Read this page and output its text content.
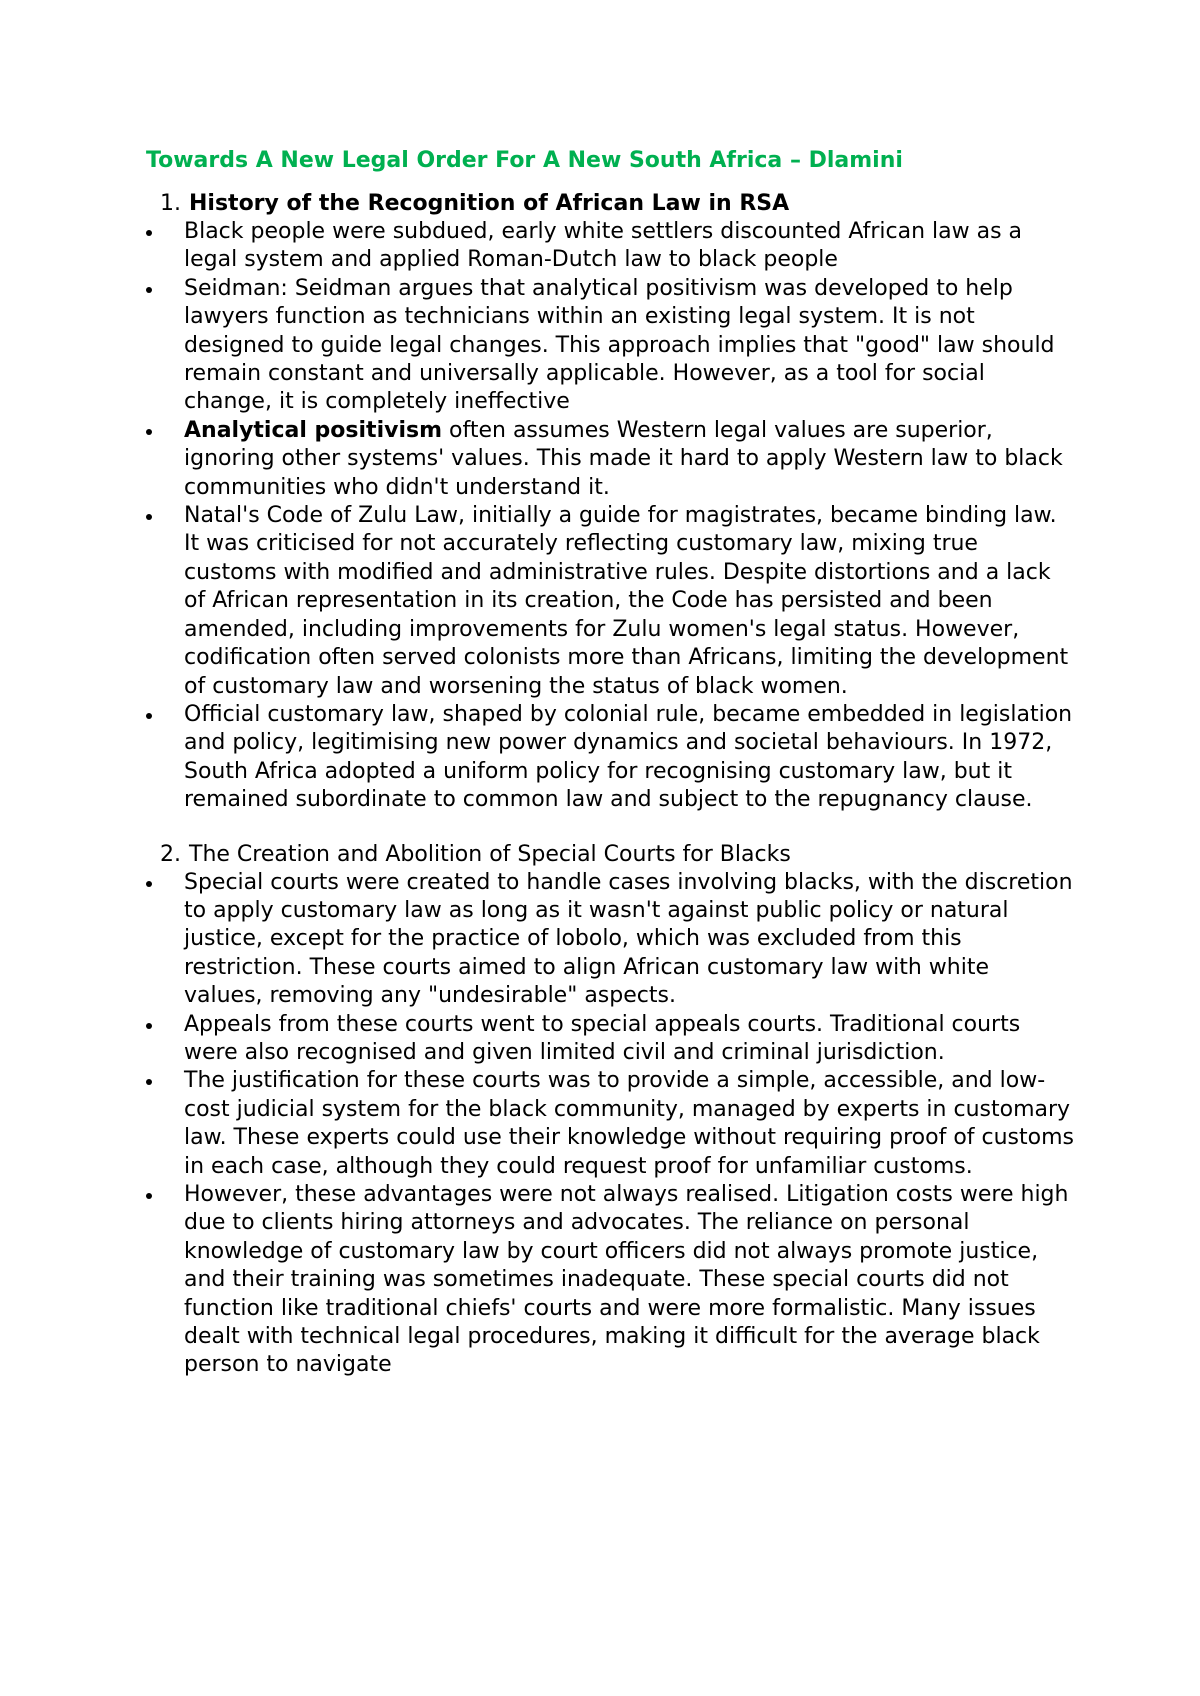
Towards A New Legal Order For A New South Africa – Dlamini
1. History of the Recognition of African Law in RSA
Black people were subdued, early white settlers discounted African law as a legal system and applied Roman-Dutch law to black people
Seidman: Seidman argues that analytical positivism was developed to help lawyers function as technicians within an existing legal system. It is not designed to guide legal changes. This approach implies that "good" law should remain constant and universally applicable. However, as a tool for social change, it is completely ineffective
Analytical positivism often assumes Western legal values are superior, ignoring other systems' values. This made it hard to apply Western law to black communities who didn't understand it.
Natal's Code of Zulu Law, initially a guide for magistrates, became binding law. It was criticised for not accurately reflecting customary law, mixing true customs with modified and administrative rules. Despite distortions and a lack of African representation in its creation, the Code has persisted and been amended, including improvements for Zulu women's legal status. However, codification often served colonists more than Africans, limiting the development of customary law and worsening the status of black women.
Official customary law, shaped by colonial rule, became embedded in legislation and policy, legitimising new power dynamics and societal behaviours. In 1972, South Africa adopted a uniform policy for recognising customary law, but it remained subordinate to common law and subject to the repugnancy clause.
2. The Creation and Abolition of Special Courts for Blacks
Special courts were created to handle cases involving blacks, with the discretion to apply customary law as long as it wasn't against public policy or natural justice, except for the practice of lobolo, which was excluded from this restriction. These courts aimed to align African customary law with white values, removing any "undesirable" aspects.
Appeals from these courts went to special appeals courts. Traditional courts were also recognised and given limited civil and criminal jurisdiction.
The justification for these courts was to provide a simple, accessible, and low-cost judicial system for the black community, managed by experts in customary law. These experts could use their knowledge without requiring proof of customs in each case, although they could request proof for unfamiliar customs.
However, these advantages were not always realised. Litigation costs were high due to clients hiring attorneys and advocates. The reliance on personal knowledge of customary law by court officers did not always promote justice, and their training was sometimes inadequate. These special courts did not function like traditional chiefs' courts and were more formalistic. Many issues dealt with technical legal procedures, making it difficult for the average black person to navigate
